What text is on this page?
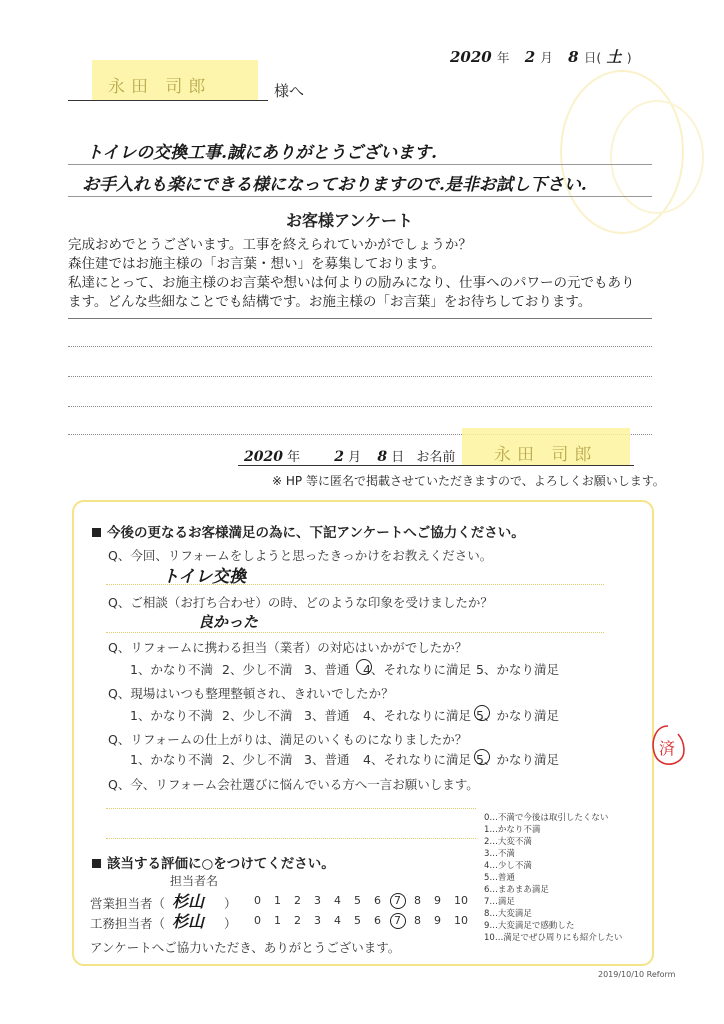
2020 年 2 月 8 日( 土 )
永田 司郎	様へ
トイレの交換工事.誠にありがとうございます.
お手入れも楽にできる様になっておりますので.是非お試し下さい.
お客様アンケート
完成おめでとうございます。工事を終えられていかがでしょうか？
森住建ではお施主様の「お言葉・想い」を募集しております。
私達にとって、お施主様のお言葉や想いは何よりの励みになり、仕事へのパワーの元でもあり
ます。どんな些細なことでも結構です。お施主様の「お言葉」をお待ちしております。
2020 年 2 月 8 日 お名前 永田 司郎
※ HP 等に匿名で掲載させていただきますので、よろしくお願いします。
今後の更なるお客様満足の為に、下記アンケートへご協力ください。
Q、今回、リフォームをしようと思ったきっかけをお教えください。
トイレ交換
Q、ご相談（お打ち合わせ）の時、どのような印象を受けましたか？
良かった
Q、リフォームに携わる担当（業者）の対応はいかがでしたか？
1、かなり不満 2、少し不満 3、普通 4、それなりに満足 5、かなり満足
Q、現場はいつも整理整頓され、きれいでしたか？
1、かなり不満 2、少し不満 3、普通 4、それなりに満足 5、かなり満足
Q、リフォームの仕上がりは、満足のいくものになりましたか？
1、かなり不満 2、少し不満 3、普通 4、それなりに満足 5、かなり満足
Q、今、リフォーム会社選びに悩んでいる方へ一言お願いします。
0…不満で今後は取引したくない
1…かなり不満
2…大変不満
3…不満
4…少し不満
5…普通
6…まあまあ満足
7…満足
8…大変満足
9…大変満足で感動した
10…満足でぜひ周りにも紹介したい
該当する評価に○をつけてください。
担当者名
営業担当者（ 杉山 ）
工務担当者（ 杉山 ）
0 1 2 3 4 5 6 7 8 9 10
0 1 2 3 4 5 6 7 8 9 10
アンケートへご協力いただき、ありがとうございます。
済
2019/10/10 Reform
